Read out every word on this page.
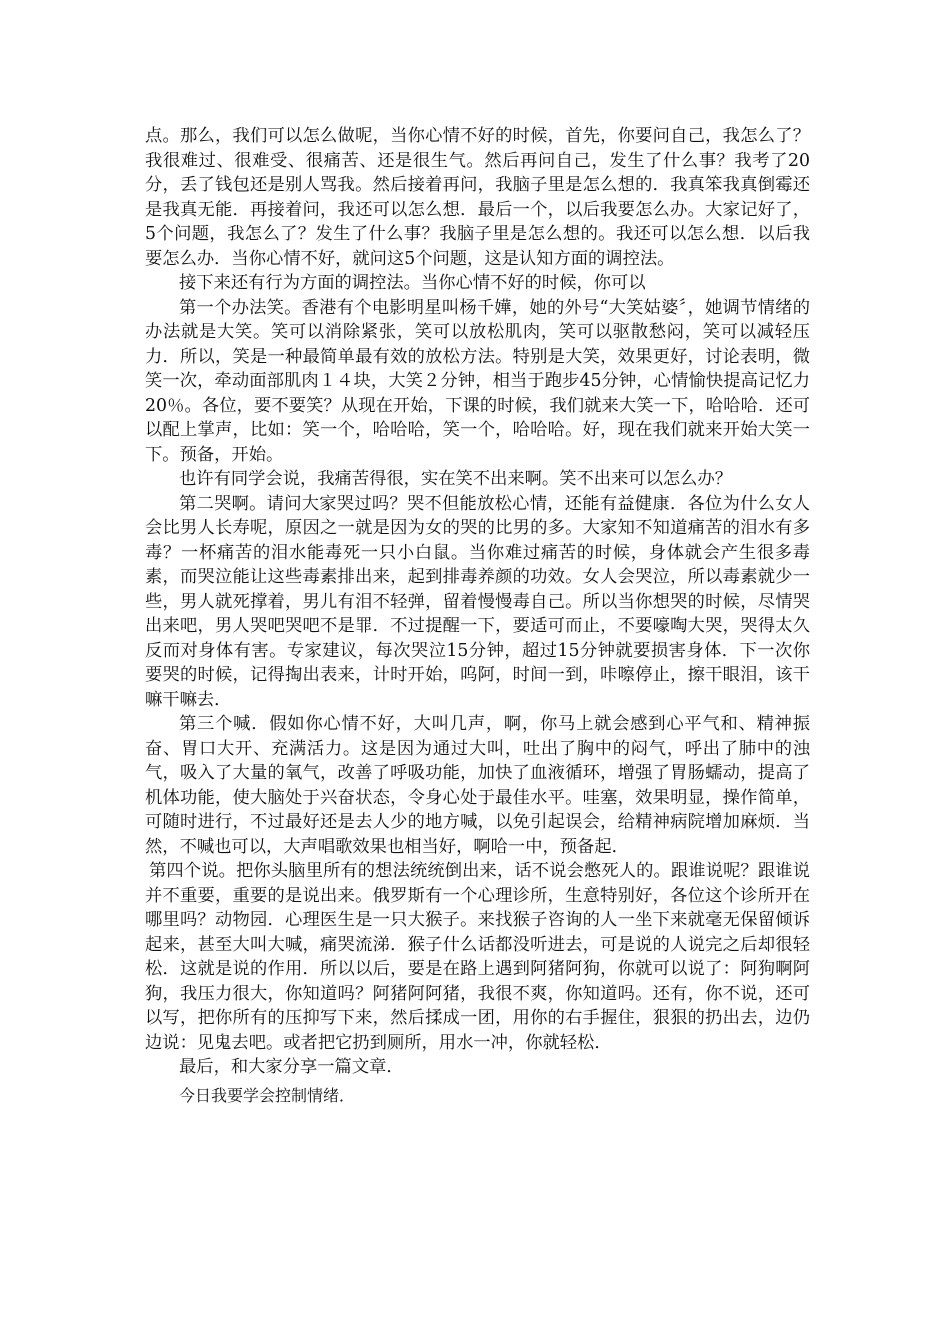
点。那么，我们可以怎么做呢，当你心情不好的时候，首先，你要问自己，我怎么了？我很难过、很难受、很痛苦、还是很生气。然后再问自己，发生了什么事？我考了20分，丢了钱包还是别人骂我。然后接着再问，我脑子里是怎么想的．我真笨我真倒霉还是我真无能．再接着问，我还可以怎么想．最后一个，以后我要怎么办。大家记好了，5个问题，我怎么了？发生了什么事？我脑子里是怎么想的。我还可以怎么想．以后我要怎么办．当你心情不好，就问这5个问题，这是认知方面的调控法。

接下来还有行为方面的调控法。当你心情不好的时候，你可以

第一个办法笑。香港有个电影明星叫杨千嬅，她的外号“大笑姑婆〞，她调节情绪的办法就是大笑。笑可以消除紧张，笑可以放松肌肉，笑可以驱散愁闷，笑可以减轻压力．所以，笑是一种最简单最有效的放松方法。特别是大笑，效果更好，讨论表明，微笑一次，牵动面部肌肉１４块，大笑２分钟，相当于跑步45分钟，心情愉快提高记忆力20％。各位，要不要笑？从现在开始，下课的时候，我们就来大笑一下，哈哈哈．还可以配上掌声，比如：笑一个，哈哈哈，笑一个，哈哈哈。好，现在我们就来开始大笑一下。预备，开始。

也许有同学会说，我痛苦得很，实在笑不出来啊。笑不出来可以怎么办？

第二哭啊。请问大家哭过吗？哭不但能放松心情，还能有益健康．各位为什么女人会比男人长寿呢，原因之一就是因为女的哭的比男的多。大家知不知道痛苦的泪水有多毒？一杯痛苦的泪水能毒死一只小白鼠。当你难过痛苦的时候，身体就会产生很多毒素，而哭泣能让这些毒素排出来，起到排毒养颜的功效。女人会哭泣，所以毒素就少一些，男人就死撑着，男儿有泪不轻弹，留着慢慢毒自己。所以当你想哭的时候，尽情哭出来吧，男人哭吧哭吧不是罪．不过提醒一下，要适可而止，不要嚎啕大哭，哭得太久反而对身体有害。专家建议，每次哭泣15分钟，超过15分钟就要损害身体．下一次你要哭的时候，记得掏出表来，计时开始，呜阿，时间一到，咔嚓停止，擦干眼泪，该干嘛干嘛去．

第三个喊．假如你心情不好，大叫几声，啊，你马上就会感到心平气和、精神振奋、胃口大开、充满活力。这是因为通过大叫，吐出了胸中的闷气，呼出了肺中的浊气，吸入了大量的氧气，改善了呼吸功能，加快了血液循环，增强了胃肠蠕动，提高了机体功能，使大脑处于兴奋状态，令身心处于最佳水平。哇塞，效果明显，操作简单，可随时进行，不过最好还是去人少的地方喊，以免引起误会，给精神病院增加麻烦．当然，不喊也可以，大声唱歌效果也相当好，啊哈一中，预备起．

第四个说。把你头脑里所有的想法统统倒出来，话不说会憋死人的。跟谁说呢？跟谁说并不重要，重要的是说出来。俄罗斯有一个心理诊所，生意特别好，各位这个诊所开在哪里吗？动物园．心理医生是一只大猴子。来找猴子咨询的人一坐下来就毫无保留倾诉起来，甚至大叫大喊，痛哭流涕．猴子什么话都没听进去，可是说的人说完之后却很轻松．这就是说的作用．所以以后，要是在路上遇到阿猪阿狗，你就可以说了：阿狗啊阿狗，我压力很大，你知道吗？阿猪阿阿猪，我很不爽，你知道吗。还有，你不说，还可以写，把你所有的压抑写下来，然后揉成一团，用你的右手握住，狠狠的扔出去，边仍边说：见鬼去吧。或者把它扔到厕所，用水一冲，你就轻松．

最后，和大家分享一篇文章．

今日我要学会控制情绪．
